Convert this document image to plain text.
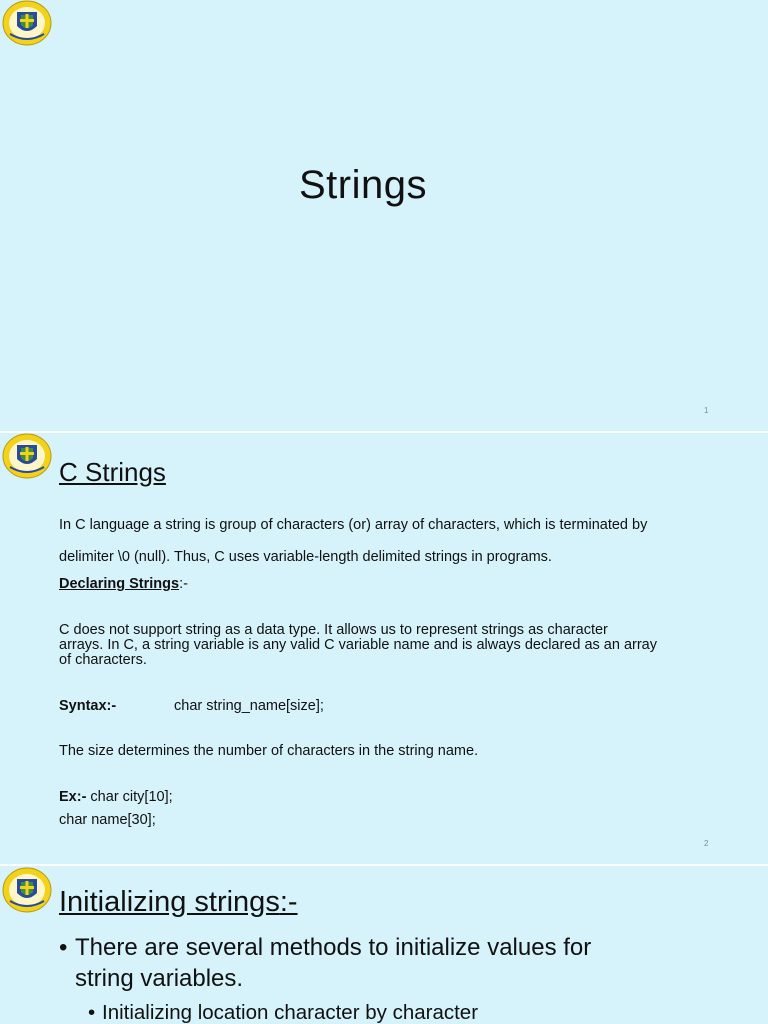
Strings
1
C Strings

In C language a string is group of characters (or) array of characters, which is terminated by

delimiter \0 (null). Thus, C uses variable-length delimited strings in programs.

Declaring Strings:-

C does not support string as a data type. It allows us to represent strings as character

arrays. In C, a string variable is any valid C variable name and is always declared as an array

of characters.

Syntax:-	char string_name[size];

The size determines the number of characters in the string name.

Ex:- char city[10];

char name[30];

2
Initializing strings:-

• There are several methods to initialize values for

string variables.

• Initializing location character by character
